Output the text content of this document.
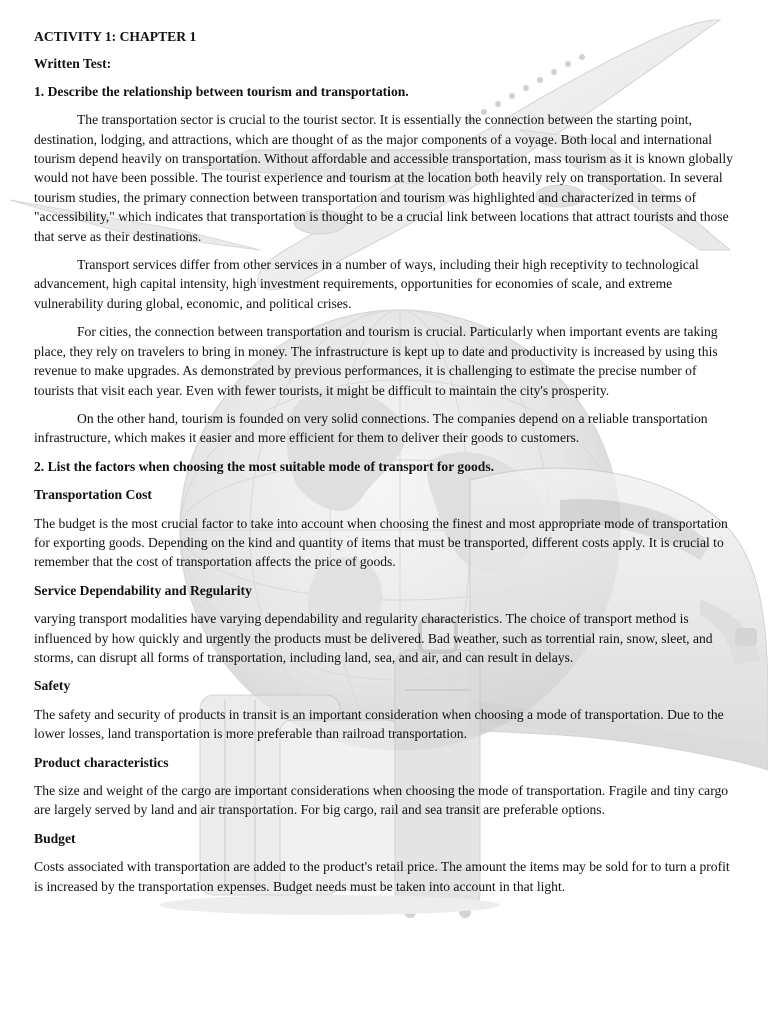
ACTIVITY 1: CHAPTER 1
Written Test:
1. Describe the relationship between tourism and transportation.

The transportation sector is crucial to the tourist sector. It is essentially the connection between the starting point, destination, lodging, and attractions, which are thought of as the major components of a voyage. Both local and international tourism depend heavily on transportation. Without affordable and accessible transportation, mass tourism as it is known globally would not have been possible. The tourist experience and tourism at the location both heavily rely on transportation. In several tourism studies, the primary connection between transportation and tourism was highlighted and characterized in terms of "accessibility," which indicates that transportation is thought to be a crucial link between locations that attract tourists and those that serve as their destinations.

Transport services differ from other services in a number of ways, including their high receptivity to technological advancement, high capital intensity, high investment requirements, opportunities for economies of scale, and extreme vulnerability during global, economic, and political crises.

For cities, the connection between transportation and tourism is crucial. Particularly when important events are taking place, they rely on travelers to bring in money. The infrastructure is kept up to date and productivity is increased by using this revenue to make upgrades. As demonstrated by previous performances, it is challenging to estimate the precise number of tourists that visit each year. Even with fewer tourists, it might be difficult to maintain the city's prosperity.

On the other hand, tourism is founded on very solid connections. The companies depend on a reliable transportation infrastructure, which makes it easier and more efficient for them to deliver their goods to customers.

2. List the factors when choosing the most suitable mode of transport for goods.
Transportation Cost

The budget is the most crucial factor to take into account when choosing the finest and most appropriate mode of transportation for exporting goods. Depending on the kind and quantity of items that must be transported, different costs apply. It is crucial to remember that the cost of transportation affects the price of goods.

Service Dependability and Regularity

varying transport modalities have varying dependability and regularity characteristics. The choice of transport method is influenced by how quickly and urgently the products must be delivered. Bad weather, such as torrential rain, snow, sleet, and storms, can disrupt all forms of transportation, including land, sea, and air, and can result in delays.

Safety

The safety and security of products in transit is an important consideration when choosing a mode of transportation. Due to the lower losses, land transportation is more preferable than railroad transportation.

Product characteristics

The size and weight of the cargo are important considerations when choosing the mode of transportation. Fragile and tiny cargo are largely served by land and air transportation. For big cargo, rail and sea transit are preferable options.

Budget

Costs associated with transportation are added to the product's retail price. The amount the items may be sold for to turn a profit is increased by the transportation expenses. Budget needs must be taken into account in that light.
